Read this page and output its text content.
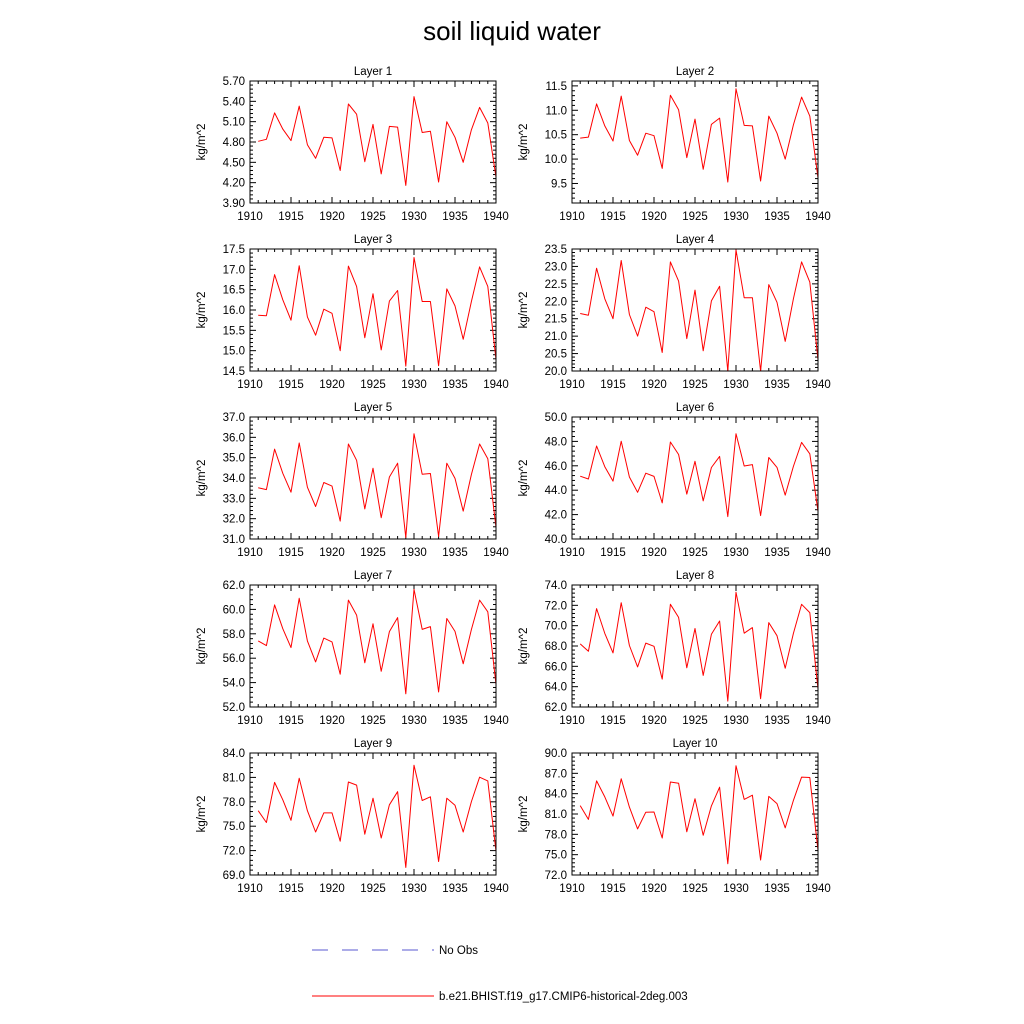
soil liquid water
Layer 1
kg/m^2
3.90
4.20
4.50
4.80
5.10
5.40
5.70
1910 1915 1920 1925 1930 1935 1940
Layer 2
kg/m^2
9.5
10.0
10.5
11.0
11.5
1910 1915 1920 1925 1930 1935 1940
Layer 3
kg/m^2
14.5
15.0
15.5
16.0
16.5
17.0
17.5
1910 1915 1920 1925 1930 1935 1940
Layer 4
kg/m^2
20.0
20.5
21.0
21.5
22.0
22.5
23.0
23.5
1910 1915 1920 1925 1930 1935 1940
Layer 5
kg/m^2
31.0
32.0
33.0
34.0
35.0
36.0
37.0
1910 1915 1920 1925 1930 1935 1940
Layer 6
kg/m^2
40.0
42.0
44.0
46.0
48.0
50.0
1910 1915 1920 1925 1930 1935 1940
Layer 7
kg/m^2
52.0
54.0
56.0
58.0
60.0
62.0
1910 1915 1920 1925 1930 1935 1940
Layer 8
kg/m^2
62.0
64.0
66.0
68.0
70.0
72.0
74.0
1910 1915 1920 1925 1930 1935 1940
Layer 9
kg/m^2
69.0
72.0
75.0
78.0
81.0
84.0
1910 1915 1920 1925 1930 1935 1940
Layer 10
kg/m^2
72.0
75.0
78.0
81.0
84.0
87.0
90.0
1910 1915 1920 1925 1930 1935 1940
No Obs
b.e21.BHIST.f19_g17.CMIP6-historical-2deg.003
